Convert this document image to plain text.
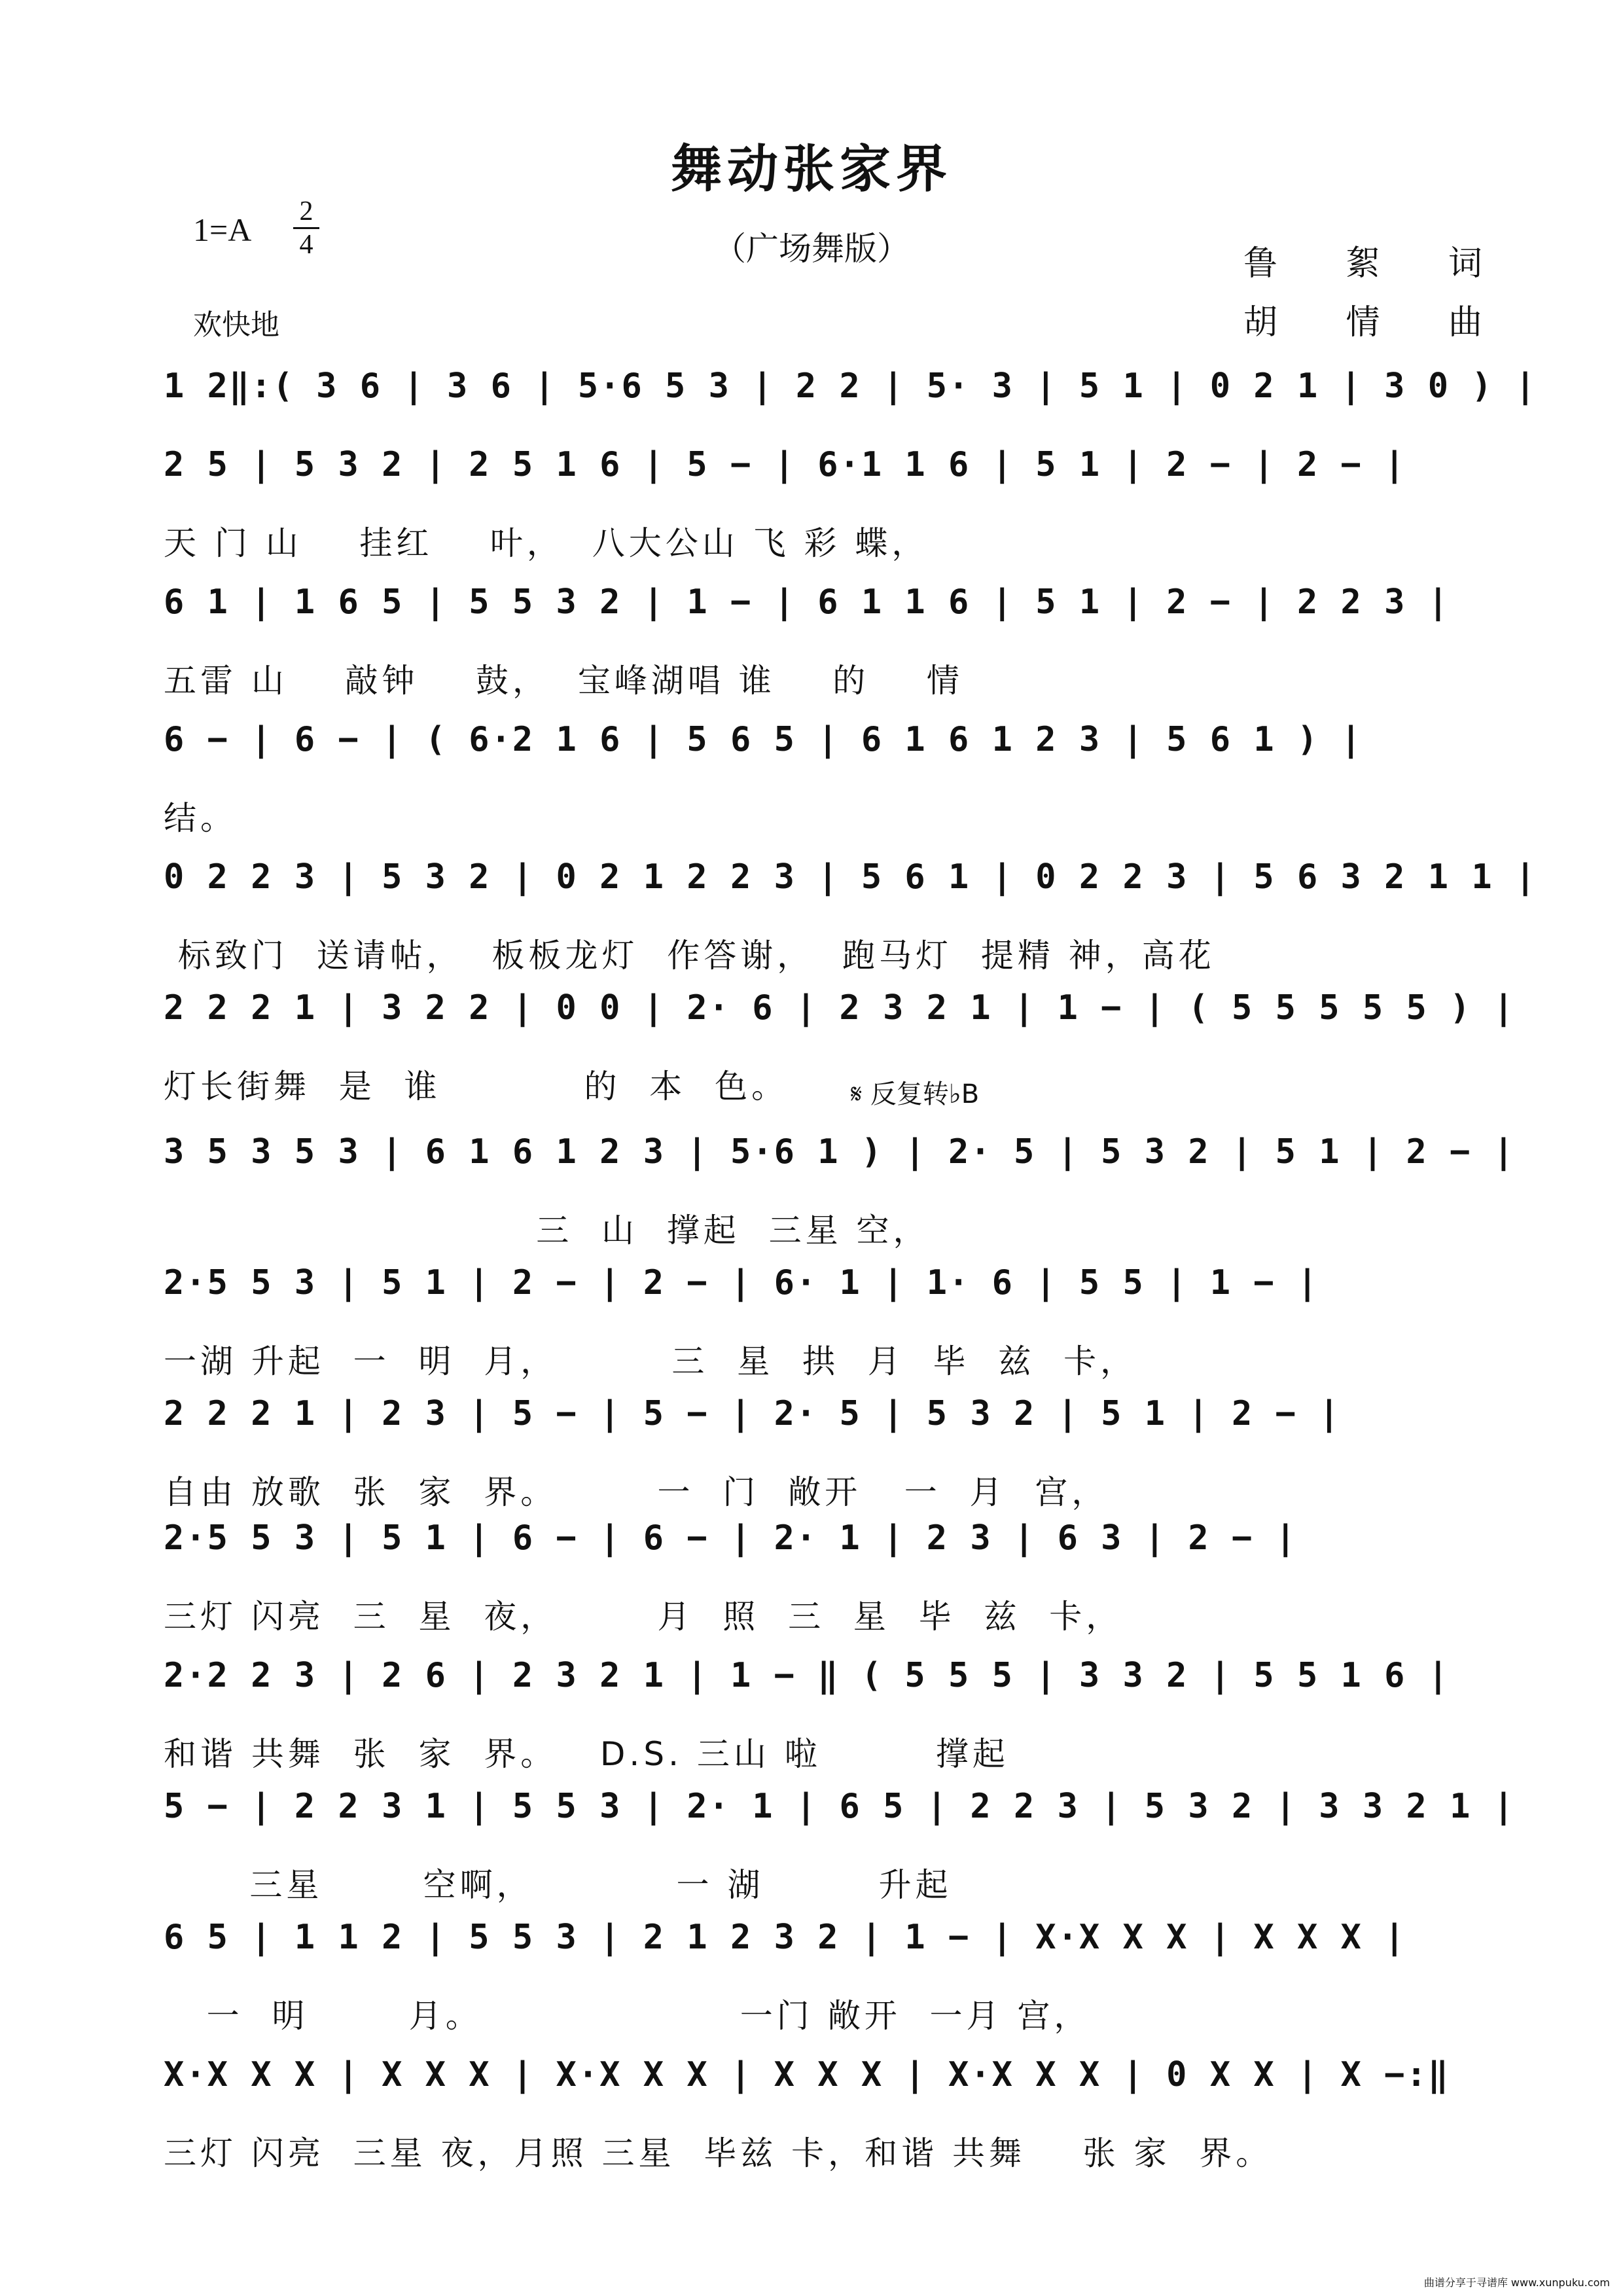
舞动张家界
1=A 2
4	（广场舞版）
欢快地
鲁 絮 词
胡 情 曲
𝄋 反复转♭B
1 2‖:( 3 6 | 3 6 | 5·6 5 3 | 2 2 | 5· 3 | 5 1 | 0 2 1 | 3 0 ) |
2 5 | 5 3 2 | 2 5 1 6 | 5 − | 6·1 1 6 | 5 1 | 2 − | 2 − |
天 门 山    挂红    叶，  八大公山 飞 彩 蝶，
6 1 | 1 6 5 | 5 5 3 2 | 1 − | 6 1 1 6 | 5 1 | 2 − | 2 2 3 |
五雷 山    敲钟    鼓，  宝峰湖唱 谁    的    情
6 − | 6 − | ( 6·2 1 6 | 5 6 5 | 6 1 6 1 2 3 | 5 6 1 ) |
结。
0 2 2 3 | 5 3 2 | 0 2 1 2 2 3 | 5 6 1 | 0 2 2 3 | 5 6 3 2 1 1 |
标致门  送请帖，  板板龙灯  作答谢，  跑马灯  提精 神，高花
2 2 2 1 | 3 2 2 | 0 0 | 2· 6 | 2 3 2 1 | 1 − | ( 5 5 5 5 5 ) |
灯长街舞  是  谁          的  本  色。
3 5 3 5 3 | 6 1 6 1 2 3 | 5·6 1 ) | 2· 5 | 5 3 2 | 5 1 | 2 − |
三  山  撑起  三星 空，
2·5 5 3 | 5 1 | 2 − | 2 − | 6· 1 | 1· 6 | 5 5 | 1 − |
一湖 升起  一  明  月，        三  星  拱  月  毕  兹  卡，
2 2 2 1 | 2 3 | 5 − | 5 − | 2· 5 | 5 3 2 | 5 1 | 2 − |
自由 放歌  张  家  界。       一  门  敞开   一  月  宫，
2·5 5 3 | 5 1 | 6 − | 6 − | 2· 1 | 2 3 | 6 3 | 2 − |
三灯 闪亮  三  星  夜，       月  照  三  星  毕  兹  卡，
2·2 2 3 | 2 6 | 2 3 2 1 | 1 − ‖ ( 5 5 5 | 3 3 2 | 5 5 1 6 |
和谐 共舞  张  家  界。   D.S. 三山 啦        撑起
5 − | 2 2 3 1 | 5 5 3 | 2· 1 | 6 5 | 2 2 3 | 5 3 2 | 3 3 2 1 |
三星       空啊，          一 湖        升起
6 5 | 1 1 2 | 5 5 3 | 2 1 2 3 2 | 1 − | X·X X X | X X X |
一  明       月。                  一门 敞开  一月 宫，
X·X X X | X X X | X·X X X | X X X | X·X X X | 0 X X | X −:‖
三灯 闪亮  三星 夜，月照 三星  毕兹 卡，和谐 共舞    张 家  界。
曲谱分享于寻谱库 www.xunpuku.com
